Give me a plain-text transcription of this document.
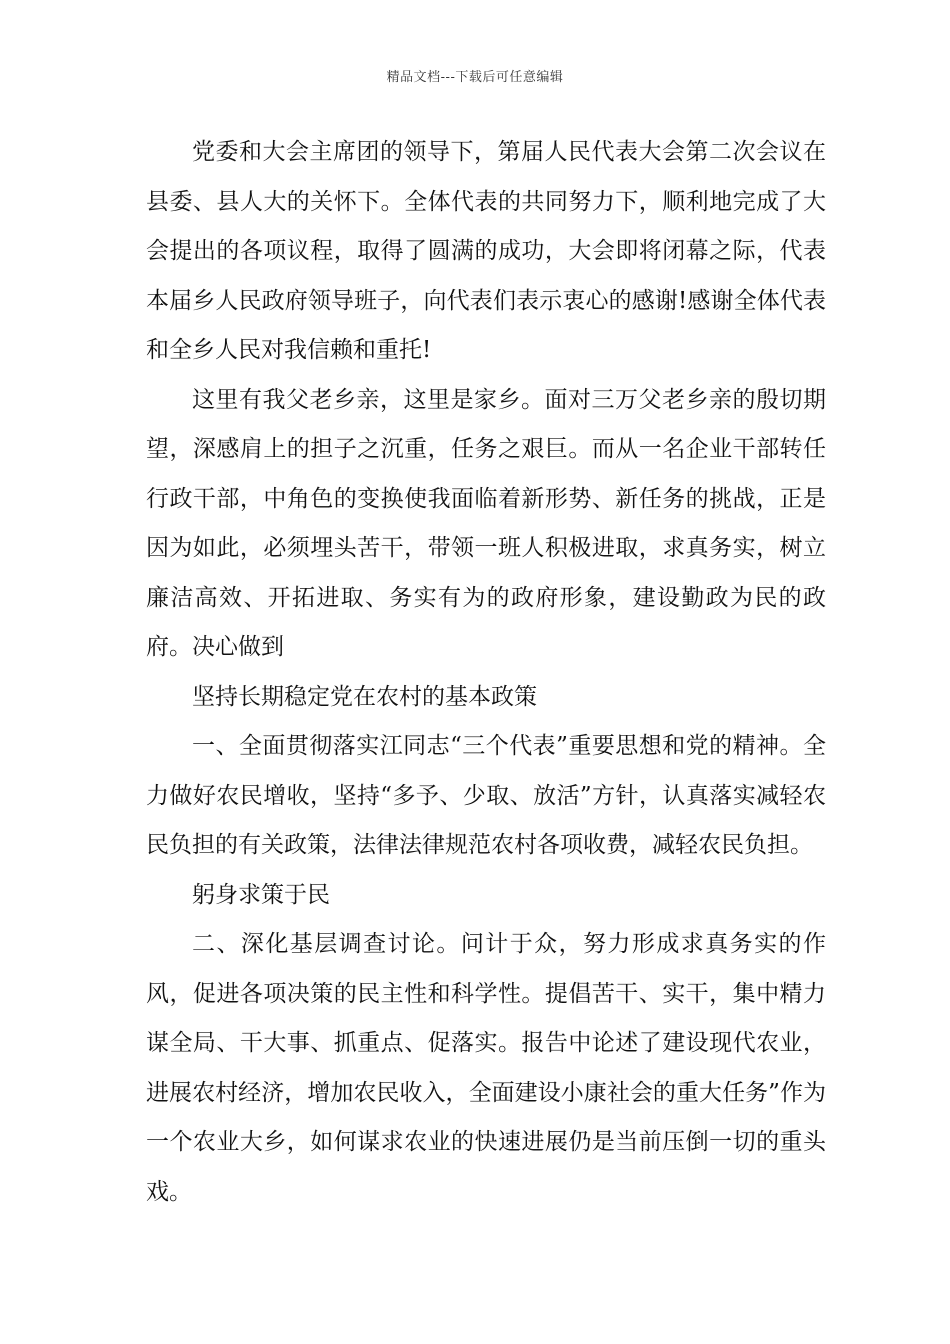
精品文档---下载后可任意编辑

党委和大会主席团的领导下，第届人民代表大会第二次会议在县委、县人大的关怀下。全体代表的共同努力下，顺利地完成了大会提出的各项议程，取得了圆满的成功，大会即将闭幕之际，代表本届乡人民政府领导班子，向代表们表示衷心的感谢!感谢全体代表和全乡人民对我信赖和重托!

这里有我父老乡亲，这里是家乡。面对三万父老乡亲的殷切期望，深感肩上的担子之沉重，任务之艰巨。而从一名企业干部转任行政干部，中角色的变换使我面临着新形势、新任务的挑战，正是因为如此，必须埋头苦干，带领一班人积极进取，求真务实，树立廉洁高效、开拓进取、务实有为的政府形象，建设勤政为民的政府。决心做到

坚持长期稳定党在农村的基本政策

一、全面贯彻落实江同志“三个代表”重要思想和党的精神。全力做好农民增收，坚持“多予、少取、放活”方针，认真落实减轻农民负担的有关政策，法律法律规范农村各项收费，减轻农民负担。

躬身求策于民

二、深化基层调查讨论。问计于众，努力形成求真务实的作风，促进各项决策的民主性和科学性。提倡苦干、实干，集中精力谋全局、干大事、抓重点、促落实。报告中论述了建设现代农业，进展农村经济，增加农民收入，全面建设小康社会的重大任务”作为一个农业大乡，如何谋求农业的快速进展仍是当前压倒一切的重头戏。
